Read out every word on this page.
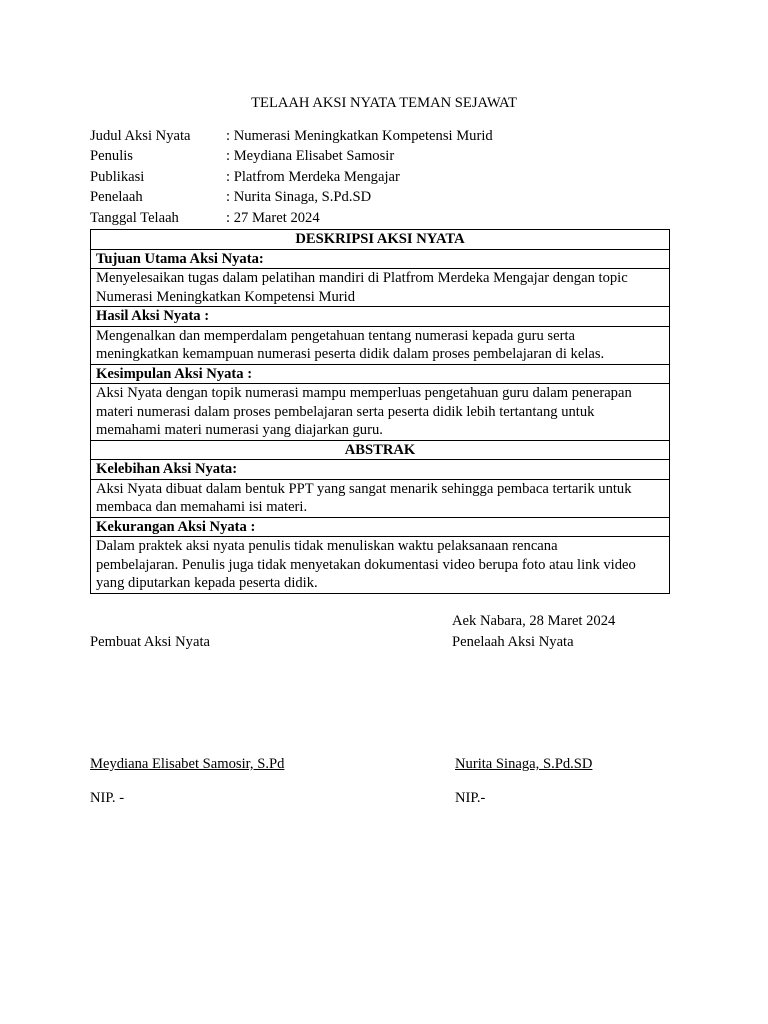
TELAAH AKSI NYATA TEMAN SEJAWAT
Judul Aksi Nyata	: Numerasi Meningkatkan Kompetensi Murid
Penulis	: Meydiana Elisabet Samosir
Publikasi	: Platfrom Merdeka Mengajar
Penelaah	: Nurita Sinaga, S.Pd.SD
Tanggal Telaah	: 27 Maret 2024
DESKRIPSI AKSI NYATA
Tujuan Utama Aksi Nyata:

Menyelesaikan tugas dalam pelatihan mandiri di Platfrom Merdeka Mengajar dengan topic
Numerasi Meningkatkan Kompetensi Murid

Hasil Aksi Nyata :

Mengenalkan dan memperdalam pengetahuan tentang numerasi kepada guru serta
meningkatkan kemampuan numerasi peserta didik dalam proses pembelajaran di kelas.

Kesimpulan Aksi Nyata :

Aksi Nyata dengan topik numerasi mampu memperluas pengetahuan guru dalam penerapan
materi numerasi dalam proses pembelajaran serta peserta didik lebih tertantang untuk
memahami materi numerasi yang diajarkan guru.

ABSTRAK
Kelebihan Aksi Nyata:

Aksi Nyata dibuat dalam bentuk PPT yang sangat menarik sehingga pembaca tertarik untuk
membaca dan memahami isi materi.

Kekurangan Aksi Nyata :

Dalam praktek aksi nyata penulis tidak menuliskan waktu pelaksanaan rencana
pembelajaran. Penulis juga tidak menyetakan dokumentasi video berupa foto atau link video
yang diputarkan kepada peserta didik.
Aek Nabara, 28 Maret 2024
Pembuat Aksi Nyata	Penelaah Aksi Nyata
Meydiana Elisabet Samosir, S.Pd	Nurita Sinaga, S.Pd.SD
NIP. -	NIP.-
